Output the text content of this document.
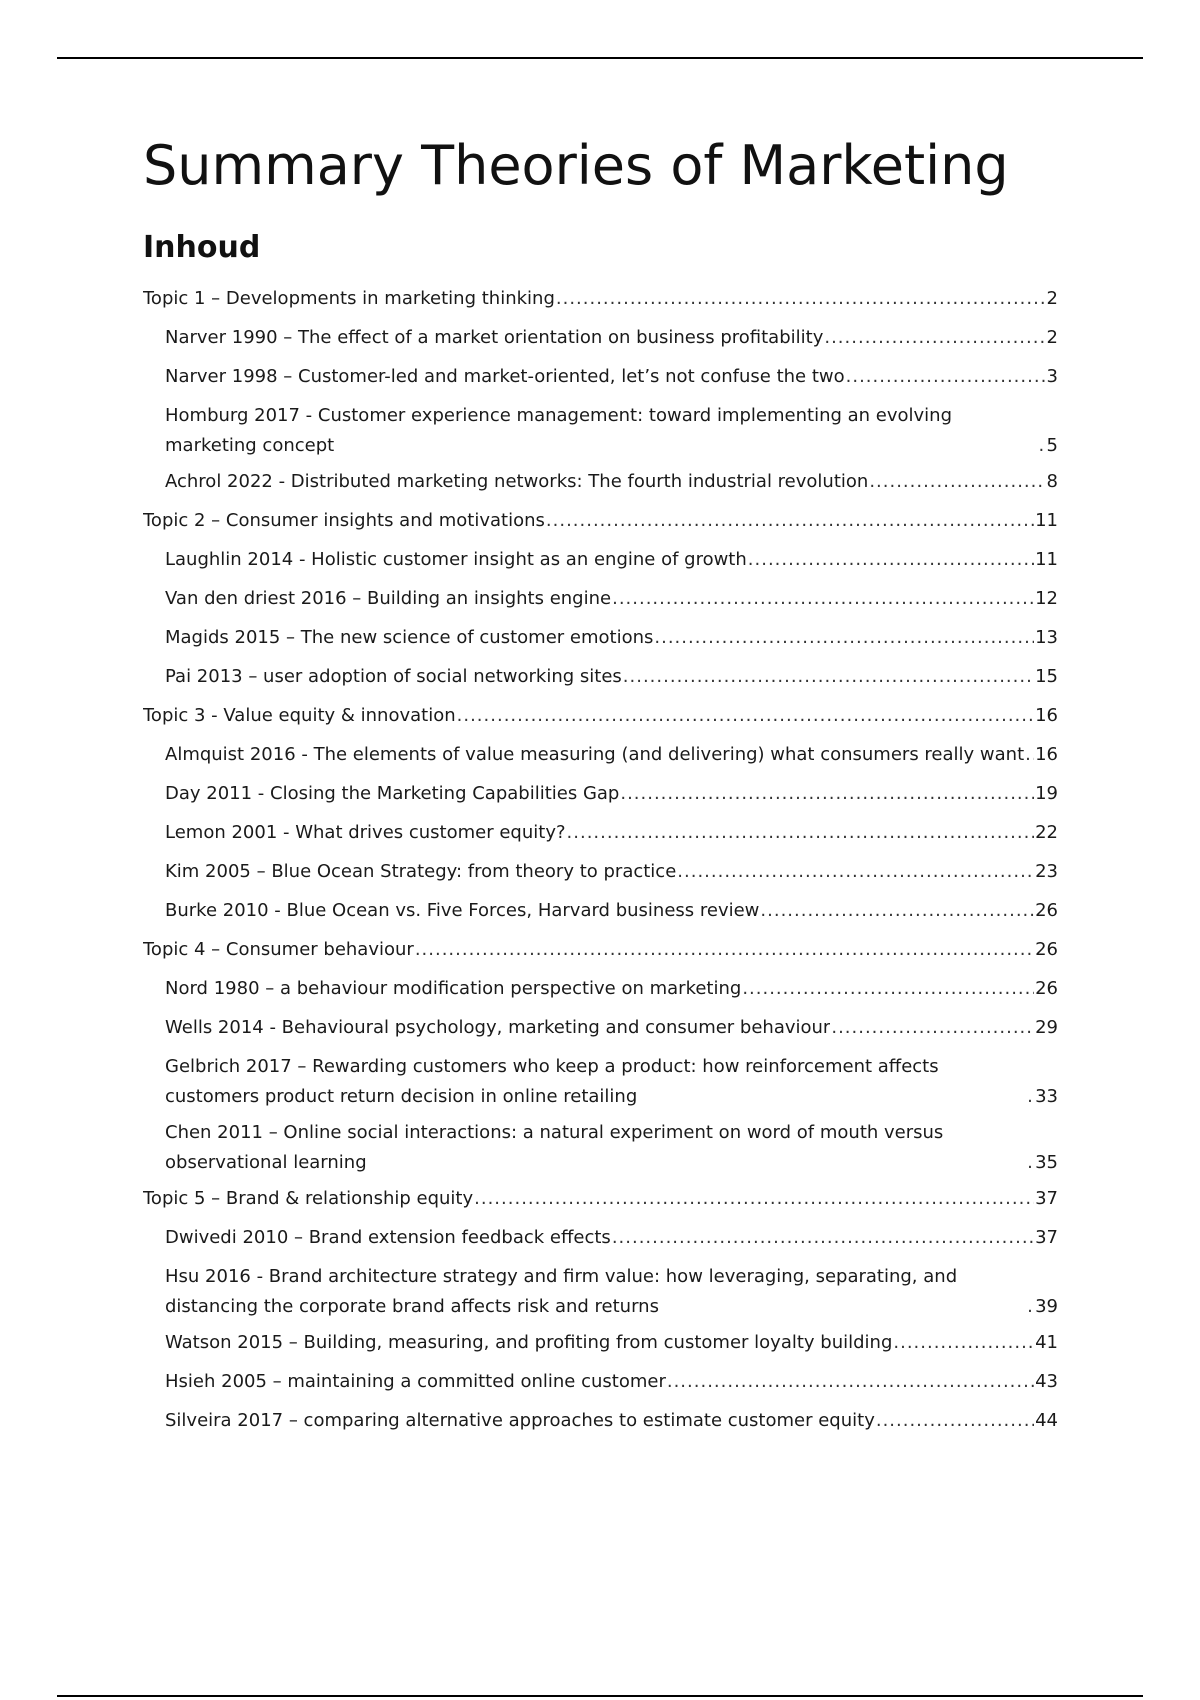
Summary Theories of Marketing
Inhoud
Topic 1 – Developments in marketing thinking .....	2
Narver 1990 – The effect of a market orientation on business profitability .....	2
Narver 1998 – Customer-led and market-oriented, let’s not confuse the two .....	3
Homburg 2017 - Customer experience management: toward implementing an evolving marketing concept .....	5
Achrol 2022 - Distributed marketing networks: The fourth industrial revolution .....	8
Topic 2 – Consumer insights and motivations .....	11
Laughlin 2014 - Holistic customer insight as an engine of growth .....	11
Van den driest 2016 – Building an insights engine .....	12
Magids 2015 – The new science of customer emotions .....	13
Pai 2013 – user adoption of social networking sites .....	15
Topic 3 - Value equity & innovation .....	16
Almquist 2016 - The elements of value measuring (and delivering) what consumers really want ..... 16
Day 2011 - Closing the Marketing Capabilities Gap .....	19
Lemon 2001 - What drives customer equity? .....	22
Kim 2005 – Blue Ocean Strategy: from theory to practice .....	23
Burke 2010 - Blue Ocean vs. Five Forces, Harvard business review .....	26
Topic 4 – Consumer behaviour .....	26
Nord 1980 – a behaviour modification perspective on marketing .....	26
Wells 2014 - Behavioural psychology, marketing and consumer behaviour .....	29
Gelbrich 2017 – Rewarding customers who keep a product: how reinforcement affects customers product return decision in online retailing .....	33
Chen 2011 – Online social interactions: a natural experiment on word of mouth versus observational learning .....	35
Topic 5 – Brand & relationship equity .....	37
Dwivedi 2010 – Brand extension feedback effects .....	37
Hsu 2016 - Brand architecture strategy and firm value: how leveraging, separating, and distancing the corporate brand affects risk and returns .....	39
Watson 2015 – Building, measuring, and profiting from customer loyalty building .....	41
Hsieh 2005 – maintaining a committed online customer .....	43
Silveira 2017 – comparing alternative approaches to estimate customer equity .....	44
